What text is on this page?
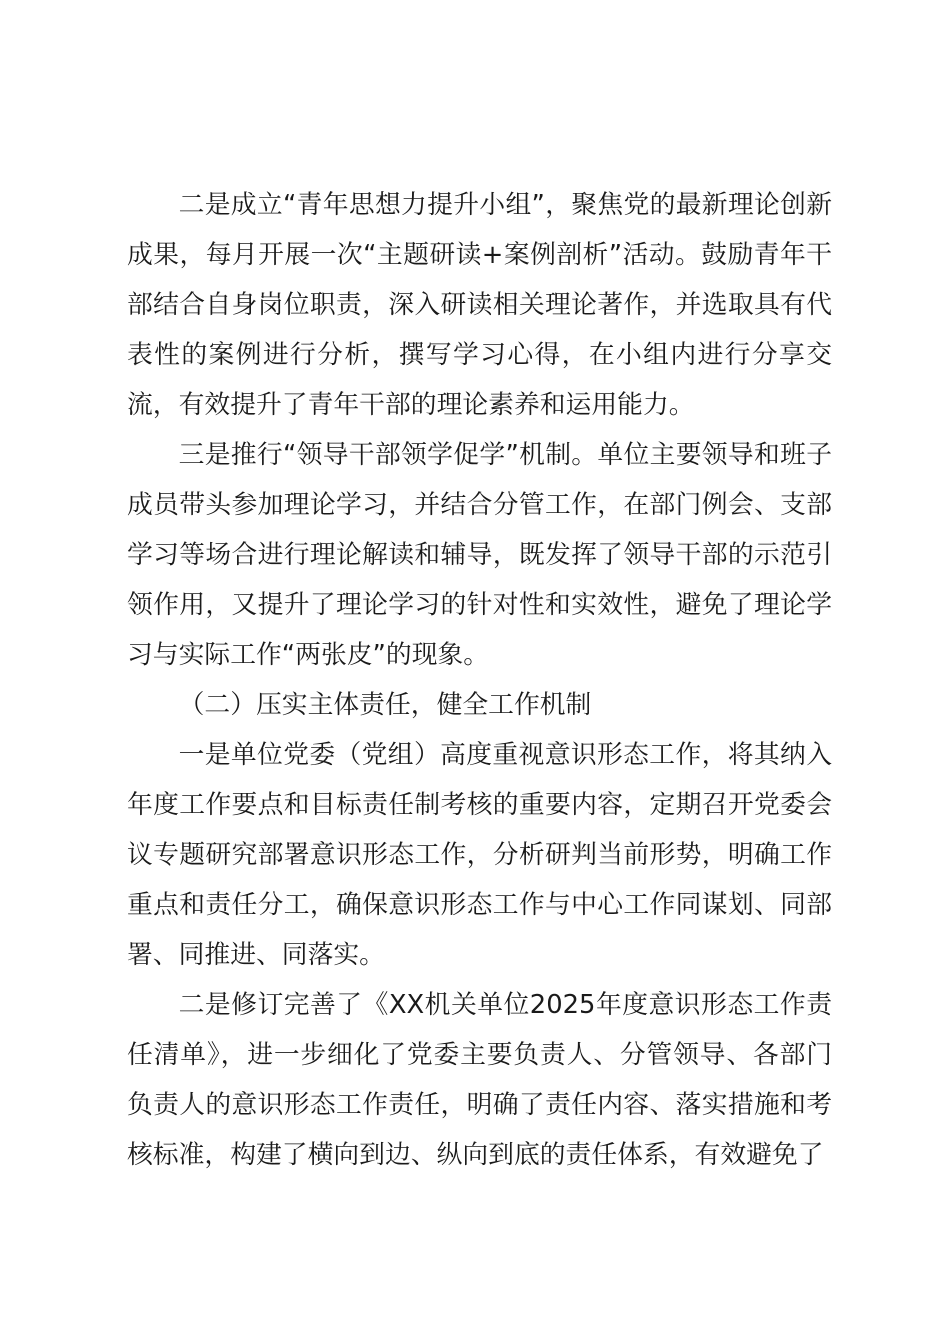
二是成立“青年思想力提升小组”，聚焦党的最新理论创新成果，每月开展一次“主题研读+案例剖析”活动。鼓励青年干部结合自身岗位职责，深入研读相关理论著作，并选取具有代表性的案例进行分析，撰写学习心得，在小组内进行分享交流，有效提升了青年干部的理论素养和运用能力。

三是推行“领导干部领学促学”机制。单位主要领导和班子成员带头参加理论学习，并结合分管工作，在部门例会、支部学习等场合进行理论解读和辅导，既发挥了领导干部的示范引领作用，又提升了理论学习的针对性和实效性，避免了理论学习与实际工作“两张皮”的现象。

（二）压实主体责任，健全工作机制

一是单位党委（党组）高度重视意识形态工作，将其纳入年度工作要点和目标责任制考核的重要内容，定期召开党委会议专题研究部署意识形态工作，分析研判当前形势，明确工作重点和责任分工，确保意识形态工作与中心工作同谋划、同部署、同推进、同落实。

二是修订完善了《XX机关单位2025年度意识形态工作责任清单》，进一步细化了党委主要负责人、分管领导、各部门负责人的意识形态工作责任，明确了责任内容、落实措施和考核标准，构建了横向到边、纵向到底的责任体系，有效避免了
